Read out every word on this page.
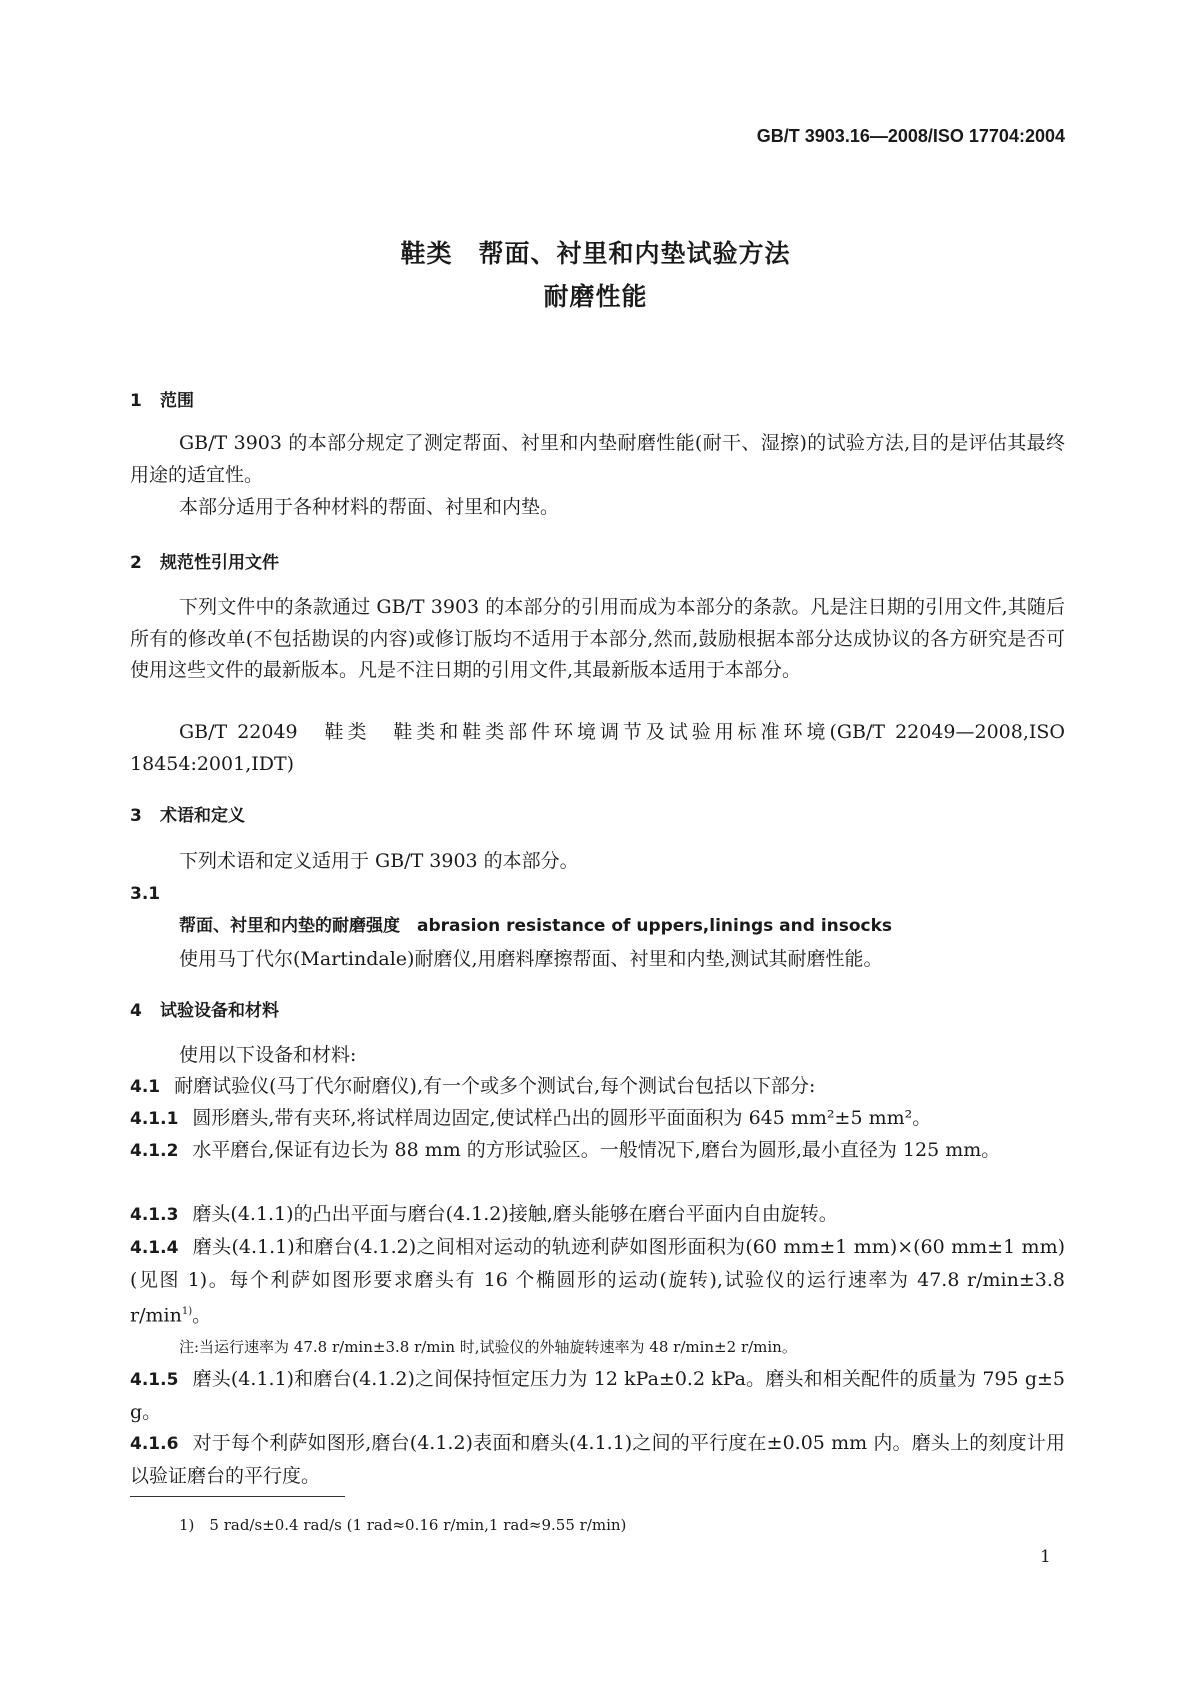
GB/T 3903.16—2008/ISO 17704:2004
鞋类　帮面、衬里和内垫试验方法
耐磨性能
1 范围
GB/T 3903 的本部分规定了测定帮面、衬里和内垫耐磨性能(耐干、湿擦)的试验方法,目的是评估其最终用途的适宜性。
本部分适用于各种材料的帮面、衬里和内垫。
2 规范性引用文件
下列文件中的条款通过 GB/T 3903 的本部分的引用而成为本部分的条款。凡是注日期的引用文件,其随后所有的修改单(不包括勘误的内容)或修订版均不适用于本部分,然而,鼓励根据本部分达成协议的各方研究是否可使用这些文件的最新版本。凡是不注日期的引用文件,其最新版本适用于本部分。
GB/T 22049　鞋类　鞋类和鞋类部件环境调节及试验用标准环境(GB/T 22049—2008,ISO 18454:2001,IDT)
3 术语和定义
下列术语和定义适用于 GB/T 3903 的本部分。
3.1
帮面、衬里和内垫的耐磨强度　abrasion resistance of uppers,linings and insocks
使用马丁代尔(Martindale)耐磨仪,用磨料摩擦帮面、衬里和内垫,测试其耐磨性能。
4 试验设备和材料
使用以下设备和材料:
4.1 耐磨试验仪(马丁代尔耐磨仪),有一个或多个测试台,每个测试台包括以下部分:
4.1.1 圆形磨头,带有夹环,将试样周边固定,使试样凸出的圆形平面面积为 645 mm²±5 mm²。
4.1.2 水平磨台,保证有边长为 88 mm 的方形试验区。一般情况下,磨台为圆形,最小直径为 125 mm。
4.1.3 磨头(4.1.1)的凸出平面与磨台(4.1.2)接触,磨头能够在磨台平面内自由旋转。
4.1.4 磨头(4.1.1)和磨台(4.1.2)之间相对运动的轨迹利萨如图形面积为(60 mm±1 mm)×(60 mm±1 mm)(见图 1)。每个利萨如图形要求磨头有 16 个椭圆形的运动(旋转),试验仪的运行速率为 47.8 r/min±3.8 $r/\min^{1)}$。
注:当运行速率为 47.8 r/min±3.8 r/min 时,试验仪的外轴旋转速率为 48 r/min±2 r/min。
4.1.5 磨头(4.1.1)和磨台(4.1.2)之间保持恒定压力为 12 kPa±0.2 kPa。磨头和相关配件的质量为 795 g±5 g。
4.1.6 对于每个利萨如图形,磨台(4.1.2)表面和磨头(4.1.1)之间的平行度在±0.05 mm 内。磨头上的刻度计用以验证磨台的平行度。
1)　5 rad/s±0.4 rad/s (1 rad≈0.16 r/min,1 rad≈9.55 r/min)
1
